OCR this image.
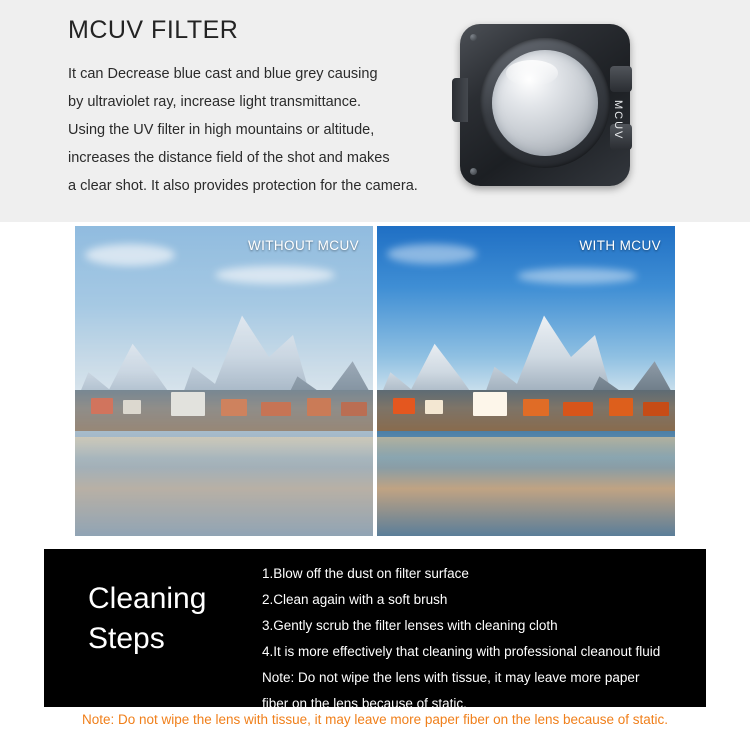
MCUV FILTER
It can Decrease blue cast and blue grey causing
by ultraviolet ray, increase light transmittance.
Using the UV filter in high mountains or altitude,
increases the distance field of the shot and makes
a clear shot. It also provides protection for the camera.
MCUV
WITHOUT MCUV	WITH MCUV
Cleaning
Steps
1.Blow off the dust on filter surface
2.Clean again with a soft brush
3.Gently scrub the filter lenses with cleaning cloth
4.It is more effectively that cleaning with professional cleanout fluid
Note: Do not wipe the lens with tissue, it may leave more paper
fiber on the lens because of static.
Note: Do not wipe the lens with tissue, it may leave more paper fiber on the lens because of static.
